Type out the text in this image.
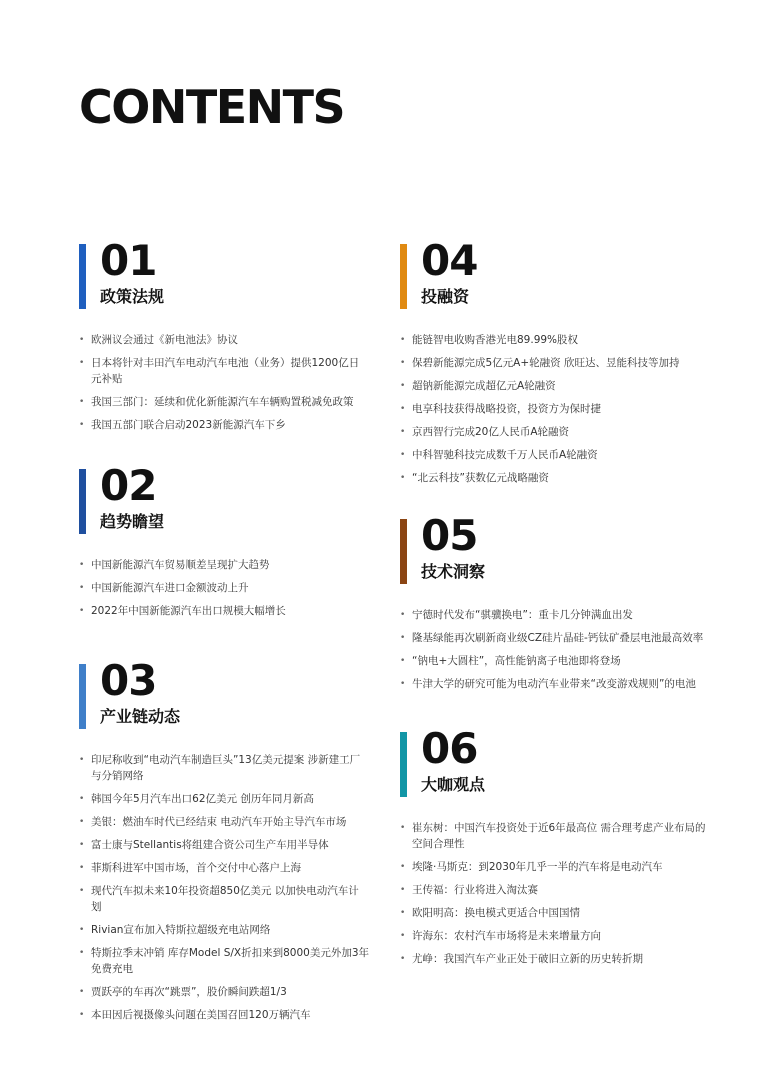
CONTENTS
01
政策法规
• 欧洲议会通过《新电池法》协议
• 日本将针对丰田汽车电动汽车电池（业务）提供1200亿日元补贴
• 我国三部门：延续和优化新能源汽车车辆购置税减免政策
• 我国五部门联合启动2023新能源汽车下乡
02
趋势瞻望
• 中国新能源汽车贸易顺差呈现扩大趋势
• 中国新能源汽车进口金额波动上升
• 2022年中国新能源汽车出口规模大幅增长
03
产业链动态
• 印尼称收到“电动汽车制造巨头”13亿美元提案 涉新建工厂与分销网络
• 韩国今年5月汽车出口62亿美元 创历年同月新高
• 美银：燃油车时代已经结束 电动汽车开始主导汽车市场
• 富士康与Stellantis将组建合资公司生产车用半导体
• 菲斯科进军中国市场，首个交付中心落户上海
• 现代汽车拟未来10年投资超850亿美元 以加快电动汽车计划
• Rivian宣布加入特斯拉超级充电站网络
• 特斯拉季末冲销 库存Model S/X折扣来到8000美元外加3年免费充电
• 贾跃亭的车再次“跳票”，股价瞬间跌超1/3
• 本田因后视摄像头问题在美国召回120万辆汽车
04
投融资
• 能链智电收购香港光电89.99%股权
• 保碧新能源完成5亿元A+轮融资 欣旺达、昱能科技等加持
• 超钠新能源完成超亿元A轮融资
• 电享科技获得战略投资，投资方为保时捷
• 京西智行完成20亿人民币A轮融资
• 中科智驰科技完成数千万人民币A轮融资
• “北云科技”获数亿元战略融资
05
技术洞察
• 宁德时代发布“骐骥换电”：重卡几分钟满血出发
• 隆基绿能再次刷新商业级CZ硅片晶硅-钙钛矿叠层电池最高效率
• “钠电+大圆柱”，高性能钠离子电池即将登场
• 牛津大学的研究可能为电动汽车业带来“改变游戏规则”的电池
06
大咖观点
• 崔东树：中国汽车投资处于近6年最高位 需合理考虑产业布局的空间合理性
• 埃隆·马斯克：到2030年几乎一半的汽车将是电动汽车
• 王传福：行业将进入淘汰赛
• 欧阳明高：换电模式更适合中国国情
• 许海东：农村汽车市场将是未来增量方向
• 尤峥：我国汽车产业正处于破旧立新的历史转折期
